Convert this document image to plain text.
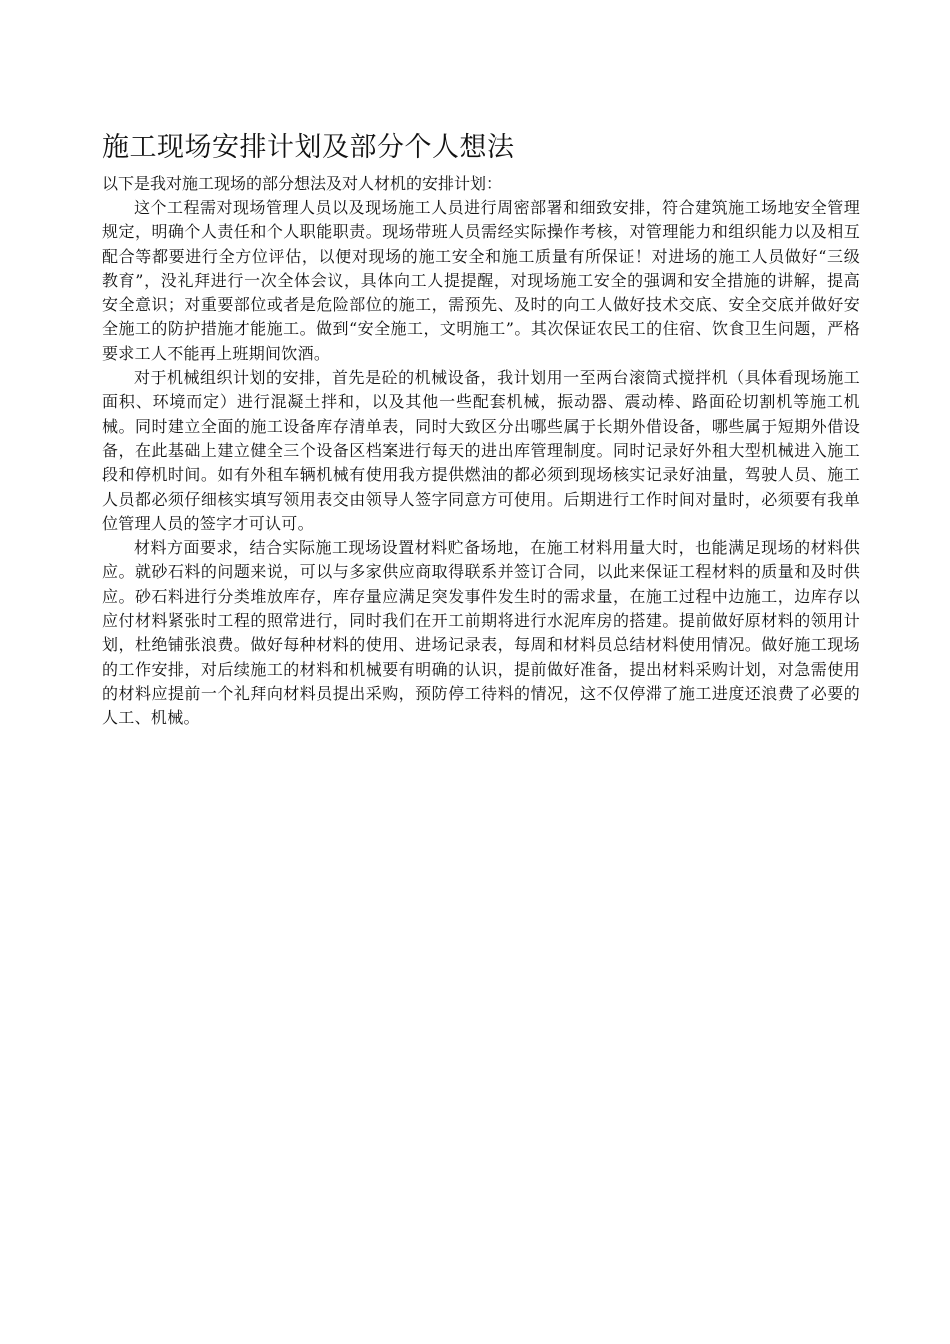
施工现场安排计划及部分个人想法

以下是我对施工现场的部分想法及对人材机的安排计划：

这个工程需对现场管理人员以及现场施工人员进行周密部署和细致安排，符合建筑施工场地安全管理规定，明确个人责任和个人职能职责。现场带班人员需经实际操作考核，对管理能力和组织能力以及相互配合等都要进行全方位评估，以便对现场的施工安全和施工质量有所保证！对进场的施工人员做好“三级教育”，没礼拜进行一次全体会议，具体向工人提提醒，对现场施工安全的强调和安全措施的讲解，提高安全意识；对重要部位或者是危险部位的施工，需预先、及时的向工人做好技术交底、安全交底并做好安全施工的防护措施才能施工。做到“安全施工，文明施工”。其次保证农民工的住宿、饮食卫生问题，严格要求工人不能再上班期间饮酒。

对于机械组织计划的安排，首先是砼的机械设备，我计划用一至两台滚筒式搅拌机（具体看现场施工面积、环境而定）进行混凝土拌和，以及其他一些配套机械，振动器、震动棒、路面砼切割机等施工机械。同时建立全面的施工设备库存清单表，同时大致区分出哪些属于长期外借设备，哪些属于短期外借设备，在此基础上建立健全三个设备区档案进行每天的进出库管理制度。同时记录好外租大型机械进入施工段和停机时间。如有外租车辆机械有使用我方提供燃油的都必须到现场核实记录好油量，驾驶人员、施工人员都必须仔细核实填写领用表交由领导人签字同意方可使用。后期进行工作时间对量时，必须要有我单位管理人员的签字才可认可。

材料方面要求，结合实际施工现场设置材料贮备场地，在施工材料用量大时，也能满足现场的材料供应。就砂石料的问题来说，可以与多家供应商取得联系并签订合同，以此来保证工程材料的质量和及时供应。砂石料进行分类堆放库存，库存量应满足突发事件发生时的需求量，在施工过程中边施工，边库存以应付材料紧张时工程的照常进行，同时我们在开工前期将进行水泥库房的搭建。提前做好原材料的领用计划，杜绝铺张浪费。做好每种材料的使用、进场记录表，每周和材料员总结材料使用情况。做好施工现场的工作安排，对后续施工的材料和机械要有明确的认识，提前做好准备，提出材料采购计划，对急需使用的材料应提前一个礼拜向材料员提出采购，预防停工待料的情况，这不仅停滞了施工进度还浪费了必要的人工、机械。
